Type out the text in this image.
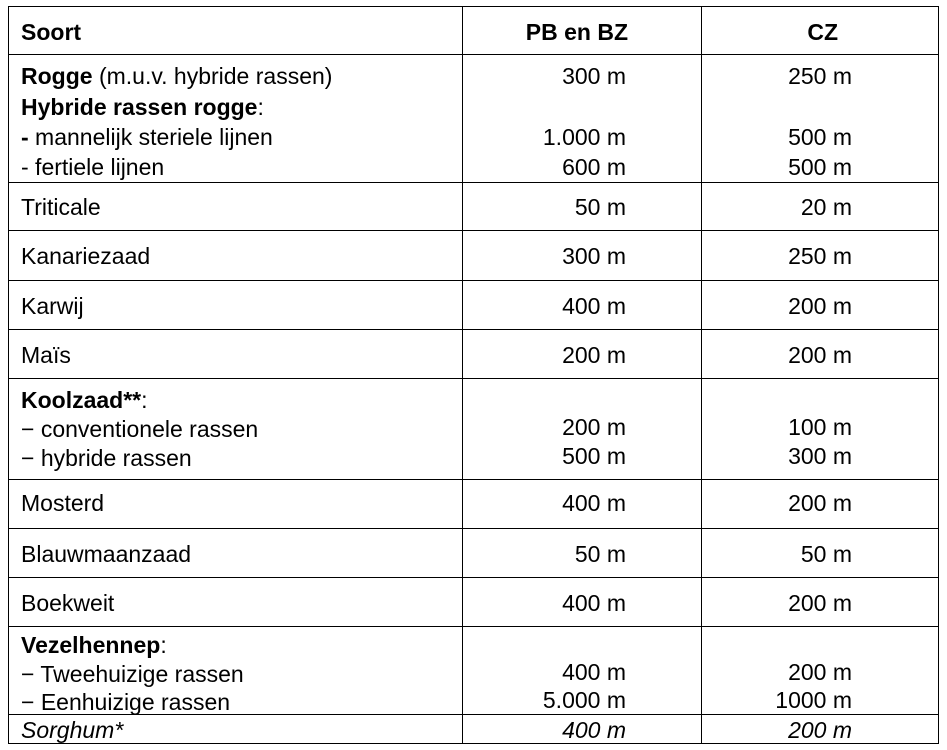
Soort	PB en BZ	CZ
Rogge (m.u.v. hybride rassen)	300 m	250 m
Hybride rassen rogge:
- mannelijk steriele lijnen	1.000 m	500 m
- fertiele lijnen	600 m	500 m
Triticale	50 m	20 m
Kanariezaad	300 m	250 m
Karwij	400 m	200 m
Maïs	200 m	200 m
Koolzaad**:
− conventionele rassen	200 m	100 m
− hybride rassen	500 m	300 m
Mosterd	400 m	200 m
Blauwmaanzaad	50 m	50 m
Boekweit	400 m	200 m
Vezelhennep:
− Tweehuizige rassen	400 m	200 m
− Eenhuizige rassen	5.000 m	1000 m
Sorghum*	400 m	200 m
